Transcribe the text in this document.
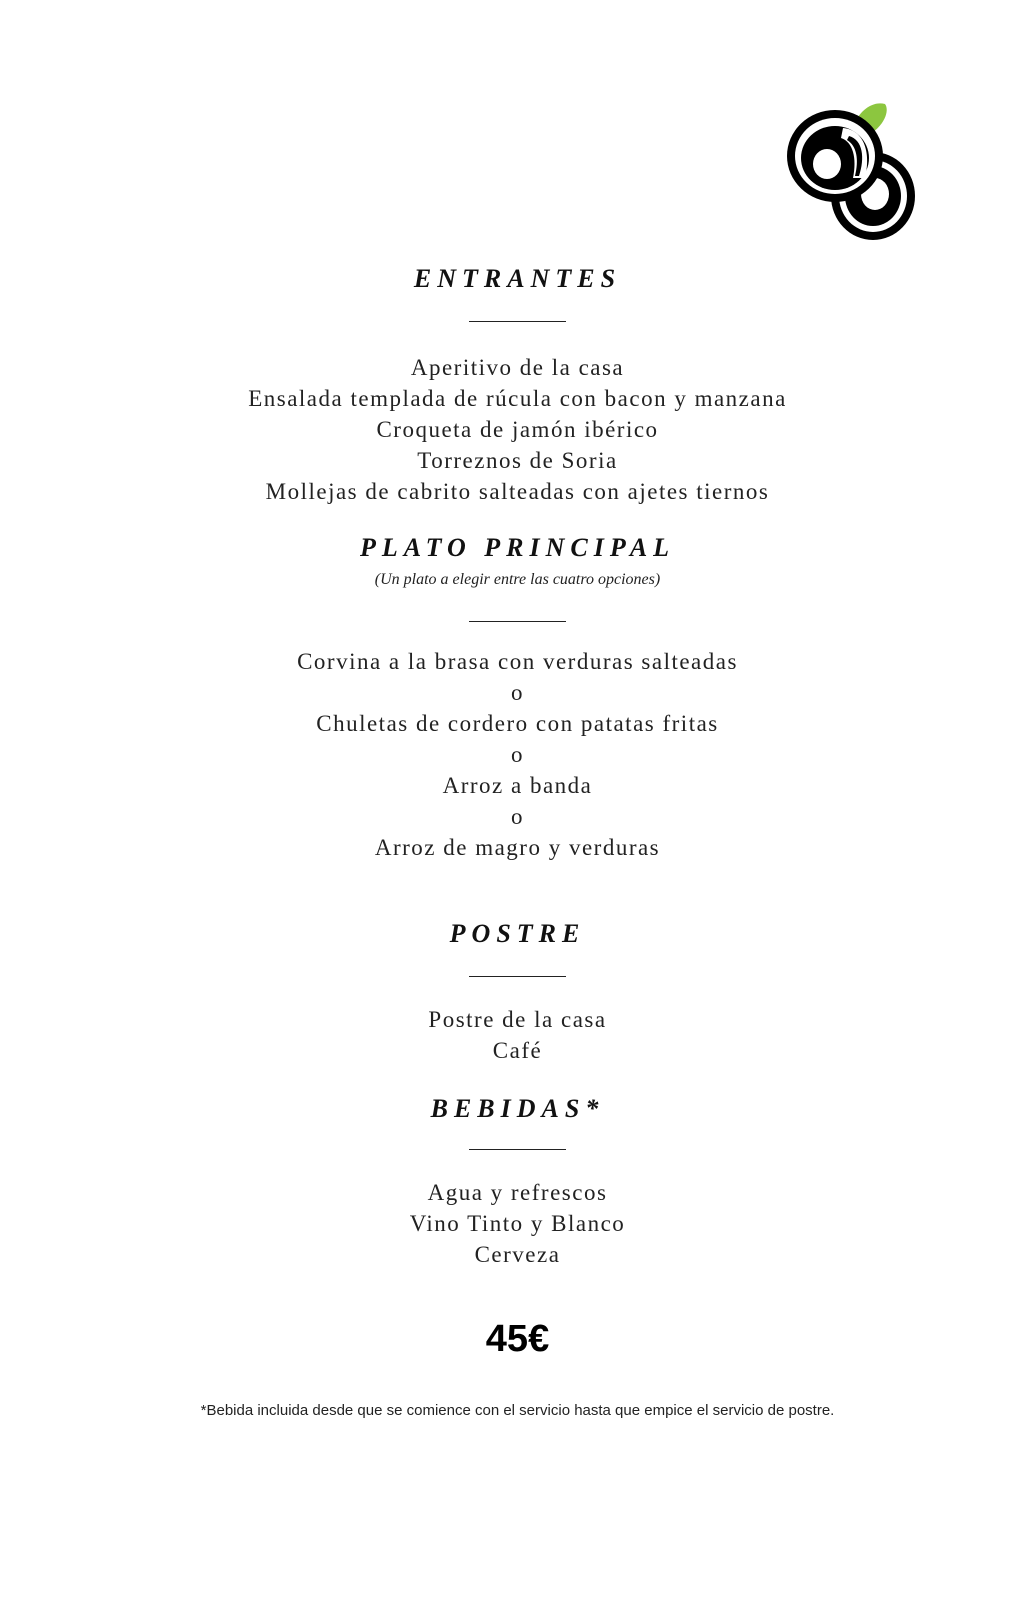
ENTRANTES
Aperitivo de la casa
Ensalada templada de rúcula con bacon y manzana
Croqueta de jamón ibérico
Torreznos de Soria
Mollejas de cabrito salteadas con ajetes tiernos
PLATO PRINCIPAL
(Un plato a elegir entre las cuatro opciones)
Corvina a la brasa con verduras salteadas
o
Chuletas de cordero con patatas fritas
o
Arroz a banda
o
Arroz de magro y verduras
POSTRE
Postre de la casa
Café
BEBIDAS*
Agua y refrescos
Vino Tinto y Blanco
Cerveza
45€
*Bebida incluida desde que se comience con el servicio hasta que empice el servicio de postre.
